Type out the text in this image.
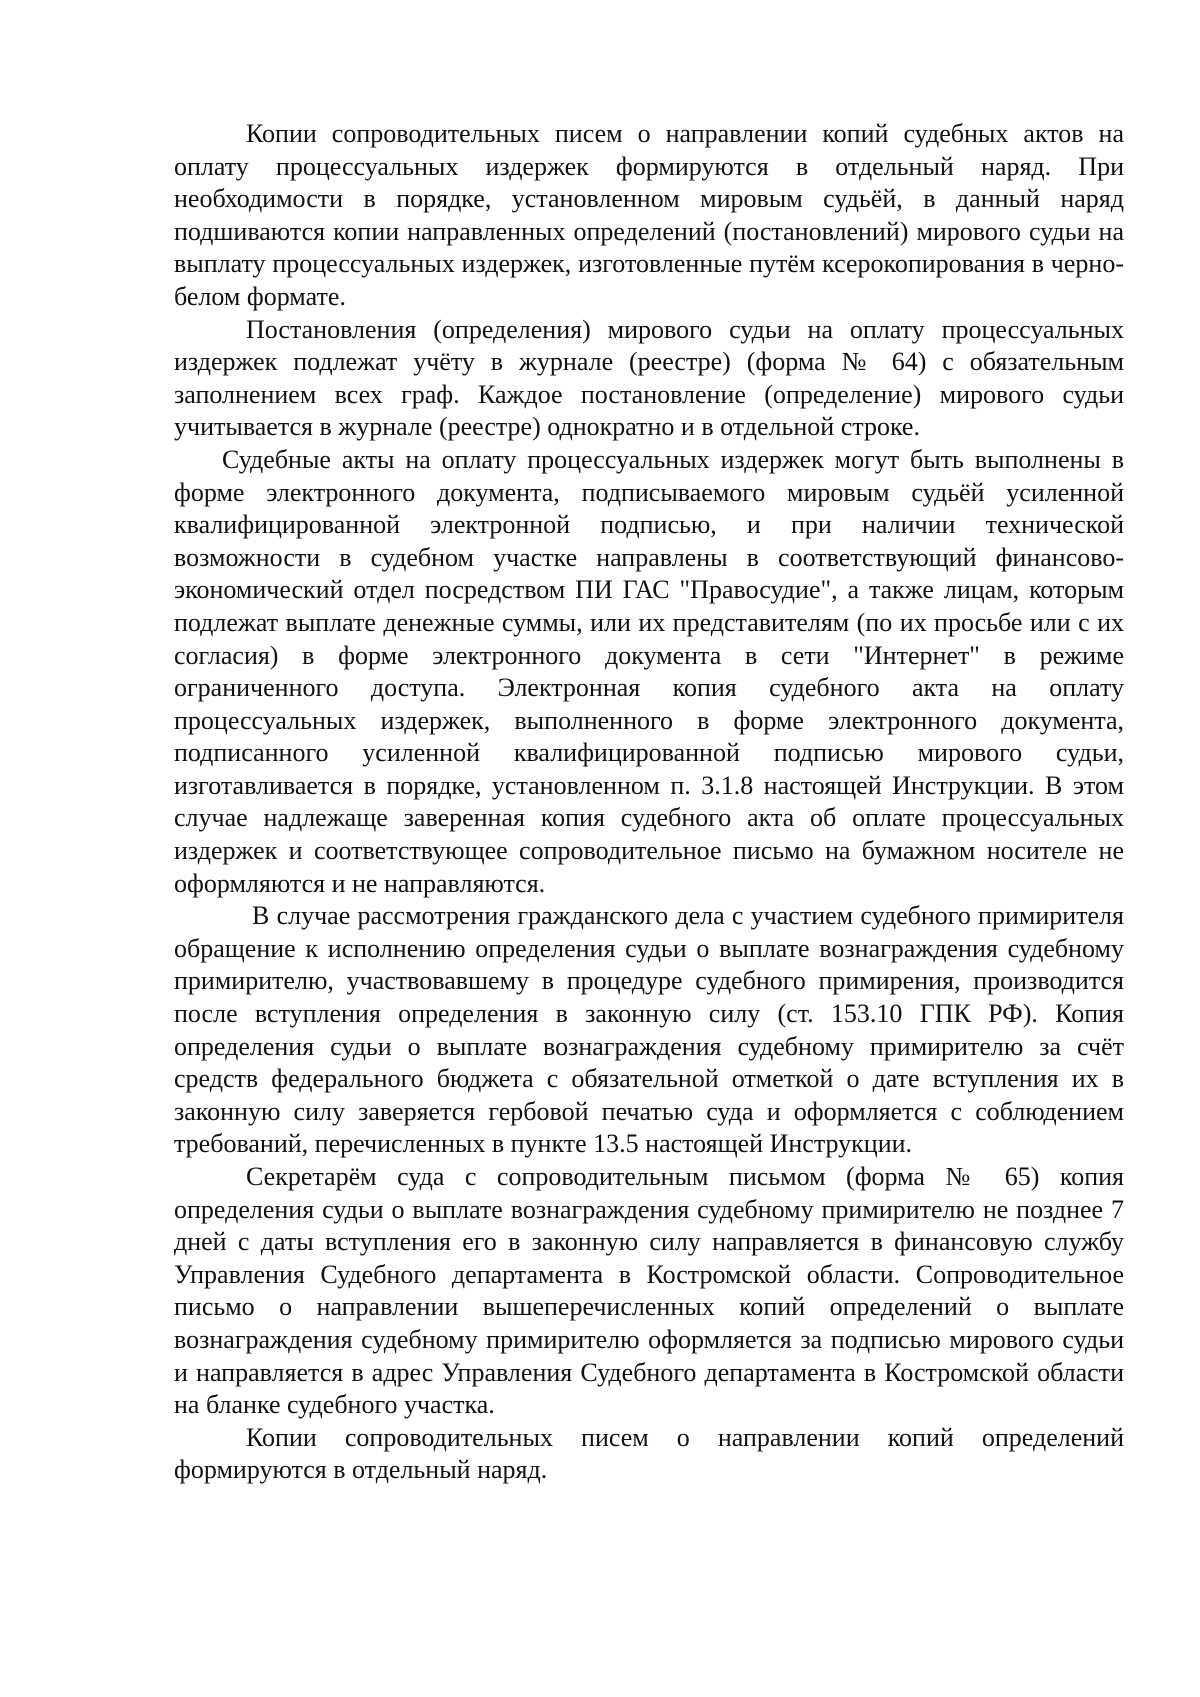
Копии сопроводительных писем о направлении копий судебных актов на оплату процессуальных издержек формируются в отдельный наряд. При необходимости в порядке, установленном мировым судьёй, в данный наряд подшиваются копии направленных определений (постановлений) мирового судьи на выплату процессуальных издержек, изготовленные путём ксерокопирования в черно-белом формате.

Постановления (определения) мирового судьи на оплату процессуальных издержек подлежат учёту в журнале (реестре) (форма № 64) с обязательным заполнением всех граф. Каждое постановление (определение) мирового судьи учитывается в журнале (реестре) однократно и в отдельной строке.

Судебные акты на оплату процессуальных издержек могут быть выполнены в форме электронного документа, подписываемого мировым судьёй усиленной квалифицированной электронной подписью, и при наличии технической возможности в судебном участке направлены в соответствующий финансово-экономический отдел посредством ПИ ГАС "Правосудие", а также лицам, которым подлежат выплате денежные суммы, или их представителям (по их просьбе или с их согласия) в форме электронного документа в сети "Интернет" в режиме ограниченного доступа. Электронная копия судебного акта на оплату процессуальных издержек, выполненного в форме электронного документа, подписанного усиленной квалифицированной подписью мирового судьи, изготавливается в порядке, установленном п. 3.1.8 настоящей Инструкции. В этом случае надлежаще заверенная копия судебного акта об оплате процессуальных издержек и соответствующее сопроводительное письмо на бумажном носителе не оформляются и не направляются.

В случае рассмотрения гражданского дела с участием судебного примирителя обращение к исполнению определения судьи о выплате вознаграждения судебному примирителю, участвовавшему в процедуре судебного примирения, производится после вступления определения в законную силу (ст. 153.10 ГПК РФ). Копия определения судьи о выплате вознаграждения судебному примирителю за счёт средств федерального бюджета с обязательной отметкой о дате вступления их в законную силу заверяется гербовой печатью суда и оформляется с соблюдением требований, перечисленных в пункте 13.5 настоящей Инструкции.

Секретарём суда с сопроводительным письмом (форма № 65) копия определения судьи о выплате вознаграждения судебному примирителю не позднее 7 дней с даты вступления его в законную силу направляется в финансовую службу Управления Судебного департамента в Костромской области. Сопроводительное письмо о направлении вышеперечисленных копий определений о выплате вознаграждения судебному примирителю оформляется за подписью мирового судьи и направляется в адрес Управления Судебного департамента в Костромской области на бланке судебного участка.

Копии сопроводительных писем о направлении копий определений формируются в отдельный наряд.
